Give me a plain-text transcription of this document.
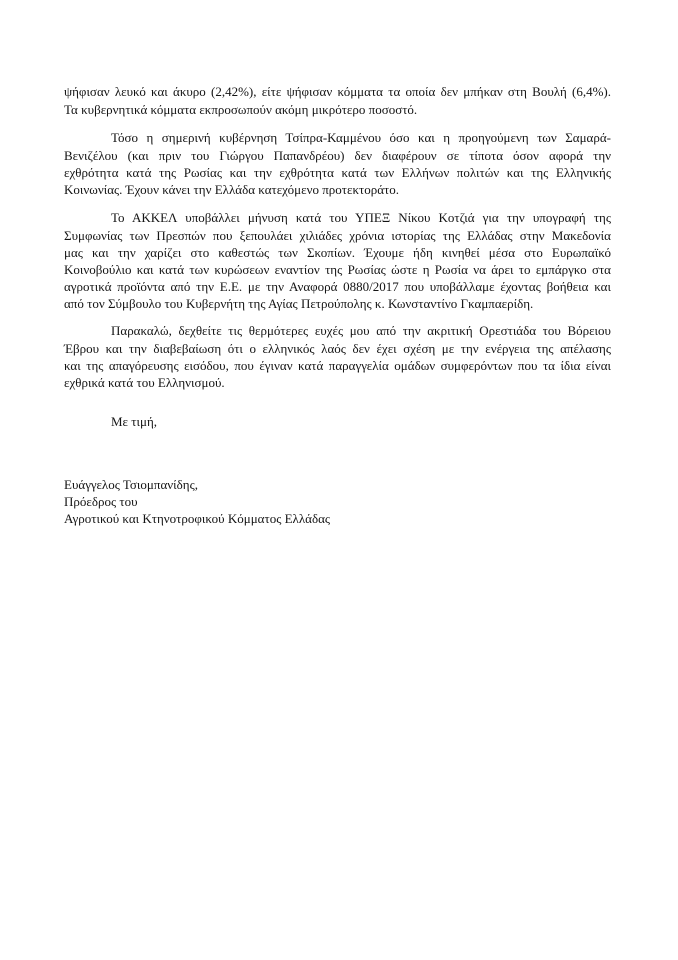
ψήφισαν λευκό και άκυρο (2,42%), είτε ψήφισαν κόμματα τα οποία δεν μπήκαν στη Βουλή (6,4%).

Τα κυβερνητικά κόμματα εκπροσωπούν ακόμη μικρότερο ποσοστό.

Τόσο η σημερινή κυβέρνηση Τσίπρα-Καμμένου όσο και η προηγούμενη των Σαμαρά-

Βενιζέλου (και πριν του Γιώργου Παπανδρέου) δεν διαφέρουν σε τίποτα όσον αφορά την

εχθρότητα κατά της Ρωσίας και την εχθρότητα κατά των Ελλήνων πολιτών και της Ελληνικής

Κοινωνίας. Έχουν κάνει την Ελλάδα κατεχόμενο προτεκτοράτο.

Το ΑΚΚΕΛ υποβάλλει μήνυση κατά του ΥΠΕΞ Νίκου Κοτζιά για την υπογραφή της

Συμφωνίας των Πρεσπών που ξεπουλάει χιλιάδες χρόνια ιστορίας της Ελλάδας στην Μακεδονία

μας και την χαρίζει στο καθεστώς των Σκοπίων. Έχουμε ήδη κινηθεί μέσα στο Ευρωπαϊκό

Κοινοβούλιο και κατά των κυρώσεων εναντίον της Ρωσίας ώστε η Ρωσία να άρει το εμπάργκο στα

αγροτικά προϊόντα από την Ε.Ε. με την Αναφορά 0880/2017 που υποβάλλαμε έχοντας βοήθεια και

από τον Σύμβουλο του Κυβερνήτη της Αγίας Πετρούπολης κ. Κωνσταντίνο Γκαμπαερίδη.

Παρακαλώ, δεχθείτε τις θερμότερες ευχές μου από την ακριτική Ορεστιάδα του Βόρειου

Έβρου και την διαβεβαίωση ότι ο ελληνικός λαός δεν έχει σχέση με την ενέργεια της απέλασης

και της απαγόρευσης εισόδου, που έγιναν κατά παραγγελία ομάδων συμφερόντων που τα ίδια είναι

εχθρικά κατά του Ελληνισμού.

Με τιμή,

Ευάγγελος Τσιομπανίδης,

Πρόεδρος του

Αγροτικού και Κτηνοτροφικού Κόμματος Ελλάδας
